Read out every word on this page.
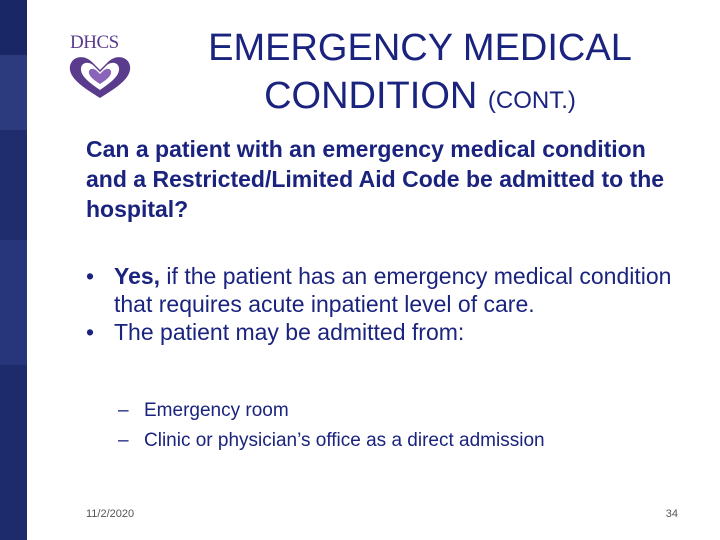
DHCS	EMERGENCY MEDICAL
CONDITION (CONT.)
Can a patient with an emergency medical condition and a Restricted/Limited Aid Code be admitted to the hospital?
• Yes, if the patient has an emergency medical condition that requires acute inpatient level of care.
• The patient may be admitted from:
– Emergency room
– Clinic or physician’s office as a direct admission
11/2/2020	34
